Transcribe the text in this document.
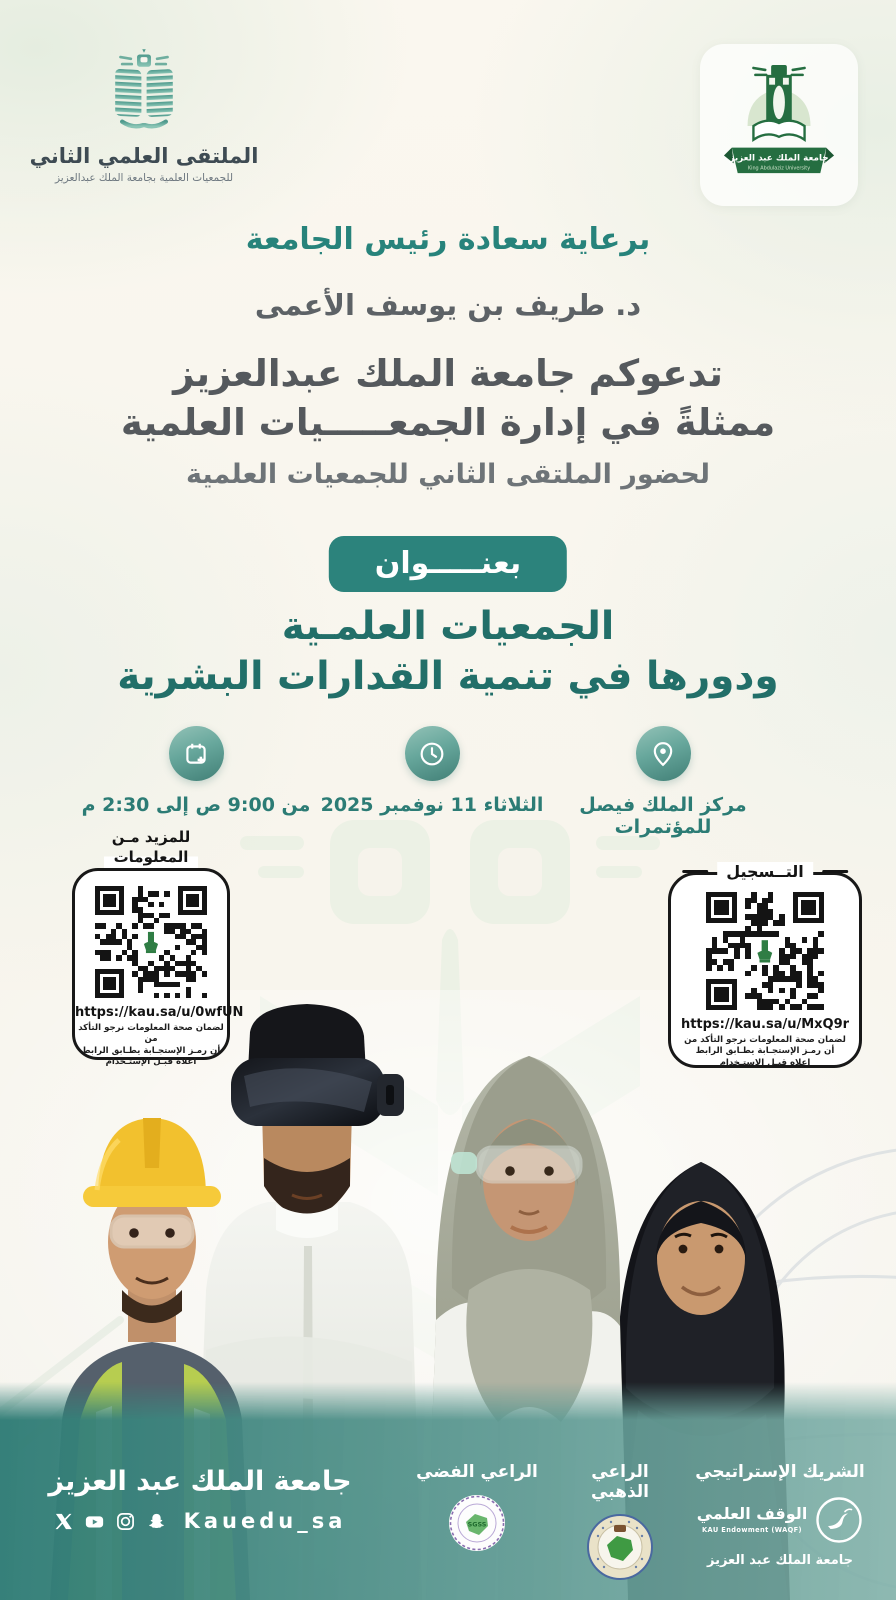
الملتقى العلمي الثاني
للجمعيات العلمية بجامعة الملك عبدالعزيز
جامعة الملك عبد العزيز
King Abdulaziz University
برعاية سعادة رئيس الجامعة
د. طريف بن يوسف الأعمى
تدعوكم جامعة الملك عبدالعزيز
ممثلةً في إدارة الجمعـــــيات العلمية
لحضور الملتقى الثاني للجمعيات العلمية
بعنـــــوان
الجمعيات العلمـية
ودورها في تنمية القدارات البشرية
مركز الملك فيصل للمؤتمرات
الثلاثاء 11 نوفمبر 2025
من 9:00 ص إلى 2:30 م
للمزيد مـن
المعلومات
https://kau.sa/u/0wfUN
لضمان صحة المعلومات نرجو التأكد من
أن رمـز الإستجـابة يطـابق الرابط
اعلاه قبـل الإستـخدام
التــسجيل
https://kau.sa/u/MxQ9r
لضمان صحة المعلومات نرجو التأكد من
أن رمـز الإستجـابة يطـابق الرابط
اعلاه قبـل الإستـخدام
جامعة الملك عبد العزيز
Kauedu_sa
الشريك الإستراتيجي
الوقف العلمي
KAU Endowment (WAQF)
جامعة الملك عبد العزيز
الراعي الذهبي
الراعي الفضي
SGSS
